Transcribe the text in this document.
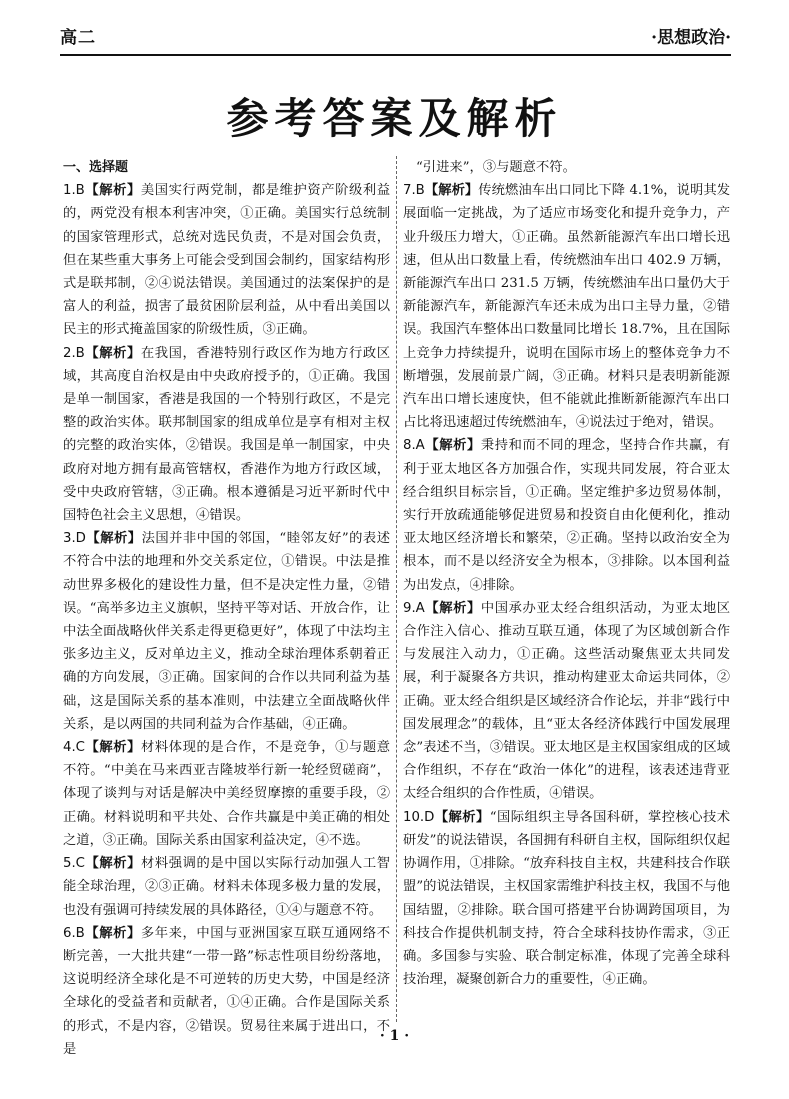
高二	·思想政治·
参考答案及解析
一、选择题

1.B【解析】美国实行两党制，都是维护资产阶级利益的，两党没有根本利害冲突，①正确。美国实行总统制的国家管理形式，总统对选民负责，不是对国会负责，但在某些重大事务上可能会受到国会制约，国家结构形式是联邦制，②④说法错误。美国通过的法案保护的是富人的利益，损害了最贫困阶层利益，从中看出美国以民主的形式掩盖国家的阶级性质，③正确。

2.B【解析】在我国，香港特别行政区作为地方行政区域，其高度自治权是由中央政府授予的，①正确。我国是单一制国家，香港是我国的一个特别行政区，不是完整的政治实体。联邦制国家的组成单位是享有相对主权的完整的政治实体，②错误。我国是单一制国家，中央政府对地方拥有最高管辖权，香港作为地方行政区域，受中央政府管辖，③正确。根本遵循是习近平新时代中国特色社会主义思想，④错误。

3.D【解析】法国并非中国的邻国，“睦邻友好”的表述不符合中法的地理和外交关系定位，①错误。中法是推动世界多极化的建设性力量，但不是决定性力量，②错误。“高举多边主义旗帜，坚持平等对话、开放合作，让中法全面战略伙伴关系走得更稳更好”，体现了中法均主张多边主义，反对单边主义，推动全球治理体系朝着正确的方向发展，③正确。国家间的合作以共同利益为基础，这是国际关系的基本准则，中法建立全面战略伙伴关系，是以两国的共同利益为合作基础，④正确。

4.C【解析】材料体现的是合作，不是竞争，①与题意不符。“中美在马来西亚吉隆坡举行新一轮经贸磋商”，体现了谈判与对话是解决中美经贸摩擦的重要手段，②正确。材料说明和平共处、合作共赢是中美正确的相处之道，③正确。国际关系由国家利益决定，④不选。

5.C【解析】材料强调的是中国以实际行动加强人工智能全球治理，②③正确。材料未体现多极力量的发展，也没有强调可持续发展的具体路径，①④与题意不符。

6.B【解析】多年来，中国与亚洲国家互联互通网络不断完善，一大批共建“一带一路”标志性项目纷纷落地，这说明经济全球化是不可逆转的历史大势，中国是经济全球化的受益者和贡献者，①④正确。合作是国际关系的形式，不是内容，②错误。贸易往来属于进出口，不是

“引进来”，③与题意不符。

7.B【解析】传统燃油车出口同比下降 4.1%，说明其发展面临一定挑战，为了适应市场变化和提升竞争力，产业升级压力增大，①正确。虽然新能源汽车出口增长迅速，但从出口数量上看，传统燃油车出口 402.9 万辆，新能源汽车出口 231.5 万辆，传统燃油车出口量仍大于新能源汽车，新能源汽车还未成为出口主导力量，②错误。我国汽车整体出口数量同比增长 18.7%，且在国际上竞争力持续提升，说明在国际市场上的整体竞争力不断增强，发展前景广阔，③正确。材料只是表明新能源汽车出口增长速度快，但不能就此推断新能源汽车出口占比将迅速超过传统燃油车，④说法过于绝对，错误。

8.A【解析】秉持和而不同的理念，坚持合作共赢，有利于亚太地区各方加强合作，实现共同发展，符合亚太经合组织目标宗旨，①正确。坚定维护多边贸易体制，实行开放疏通能够促进贸易和投资自由化便利化，推动亚太地区经济增长和繁荣，②正确。坚持以政治安全为根本，而不是以经济安全为根本，③排除。以本国利益为出发点，④排除。

9.A【解析】中国承办亚太经合组织活动，为亚太地区合作注入信心、推动互联互通，体现了为区域创新合作与发展注入动力，①正确。这些活动聚焦亚太共同发展，利于凝聚各方共识，推动构建亚太命运共同体，②正确。亚太经合组织是区域经济合作论坛，并非“践行中国发展理念”的载体，且“亚太各经济体践行中国发展理念”表述不当，③错误。亚太地区是主权国家组成的区域合作组织，不存在“政治一体化”的进程，该表述违背亚太经合组织的合作性质，④错误。

10.D【解析】“国际组织主导各国科研，掌控核心技术研发”的说法错误，各国拥有科研自主权，国际组织仅起协调作用，①排除。“放弃科技自主权，共建科技合作联盟”的说法错误，主权国家需维护科技主权，我国不与他国结盟，②排除。联合国可搭建平台协调跨国项目，为科技合作提供机制支持，符合全球科技协作需求，③正确。多国参与实验、联合制定标准，体现了完善全球科技治理，凝聚创新合力的重要性，④正确。

· 1 ·
